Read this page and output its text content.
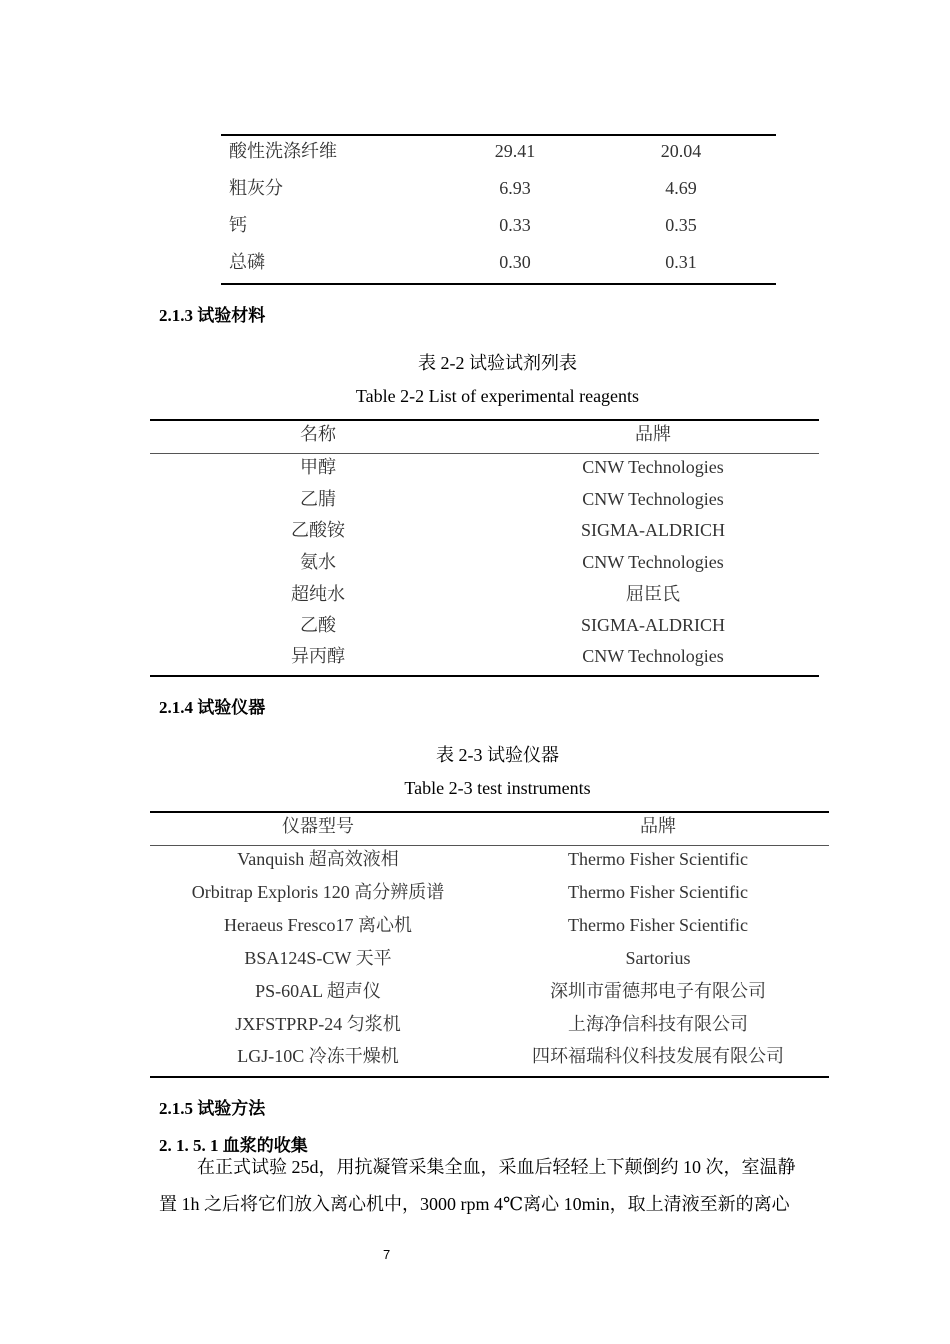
酸性洗涤纤维	29.41	20.04
粗灰分	6.93	4.69
钙	0.33	0.35
总磷	0.30	0.31
2.1.3 试验材料
表 2-2 试验试剂列表
Table 2-2 List of experimental reagents
名称	品牌
甲醇	CNW Technologies
乙腈	CNW Technologies
乙酸铵	SIGMA-ALDRICH
氨水	CNW Technologies
超纯水	屈臣氏
乙酸	SIGMA-ALDRICH
异丙醇	CNW Technologies
2.1.4 试验仪器
表 2-3 试验仪器
Table 2-3 test instruments
仪器型号	品牌
Vanquish 超高效液相	Thermo Fisher Scientific
Orbitrap Exploris 120 高分辨质谱	Thermo Fisher Scientific
Heraeus Fresco17 离心机	Thermo Fisher Scientific
BSA124S-CW 天平	Sartorius
PS-60AL 超声仪	深圳市雷德邦电子有限公司
JXFSTPRP-24 匀浆机	上海净信科技有限公司
LGJ-10C 冷冻干燥机	四环福瑞科仪科技发展有限公司
2.1.5 试验方法
2. 1. 5. 1 血浆的收集
在正式试验 25d，用抗凝管采集全血，采血后轻轻上下颠倒约 10 次，室温静
置 1h 之后将它们放入离心机中，3000 rpm 4℃离心 10min，取上清液至新的离心
7
